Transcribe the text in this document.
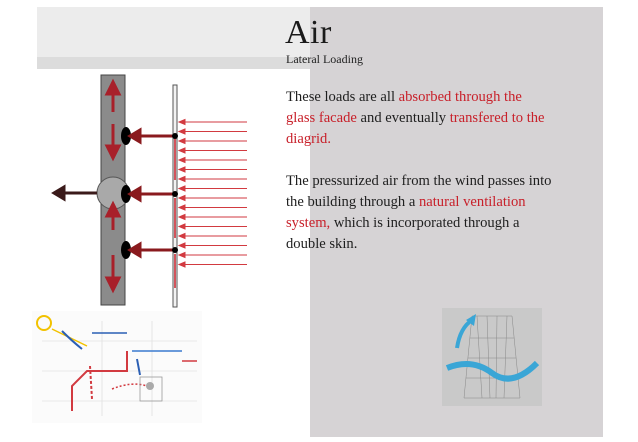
Air
Lateral Loading
These loads are all absorbed through the glass facade and eventually transfered to the diagrid.
The pressurized air from the wind passes into the building through a natural ventilation system, which is incorporated through a double skin.
